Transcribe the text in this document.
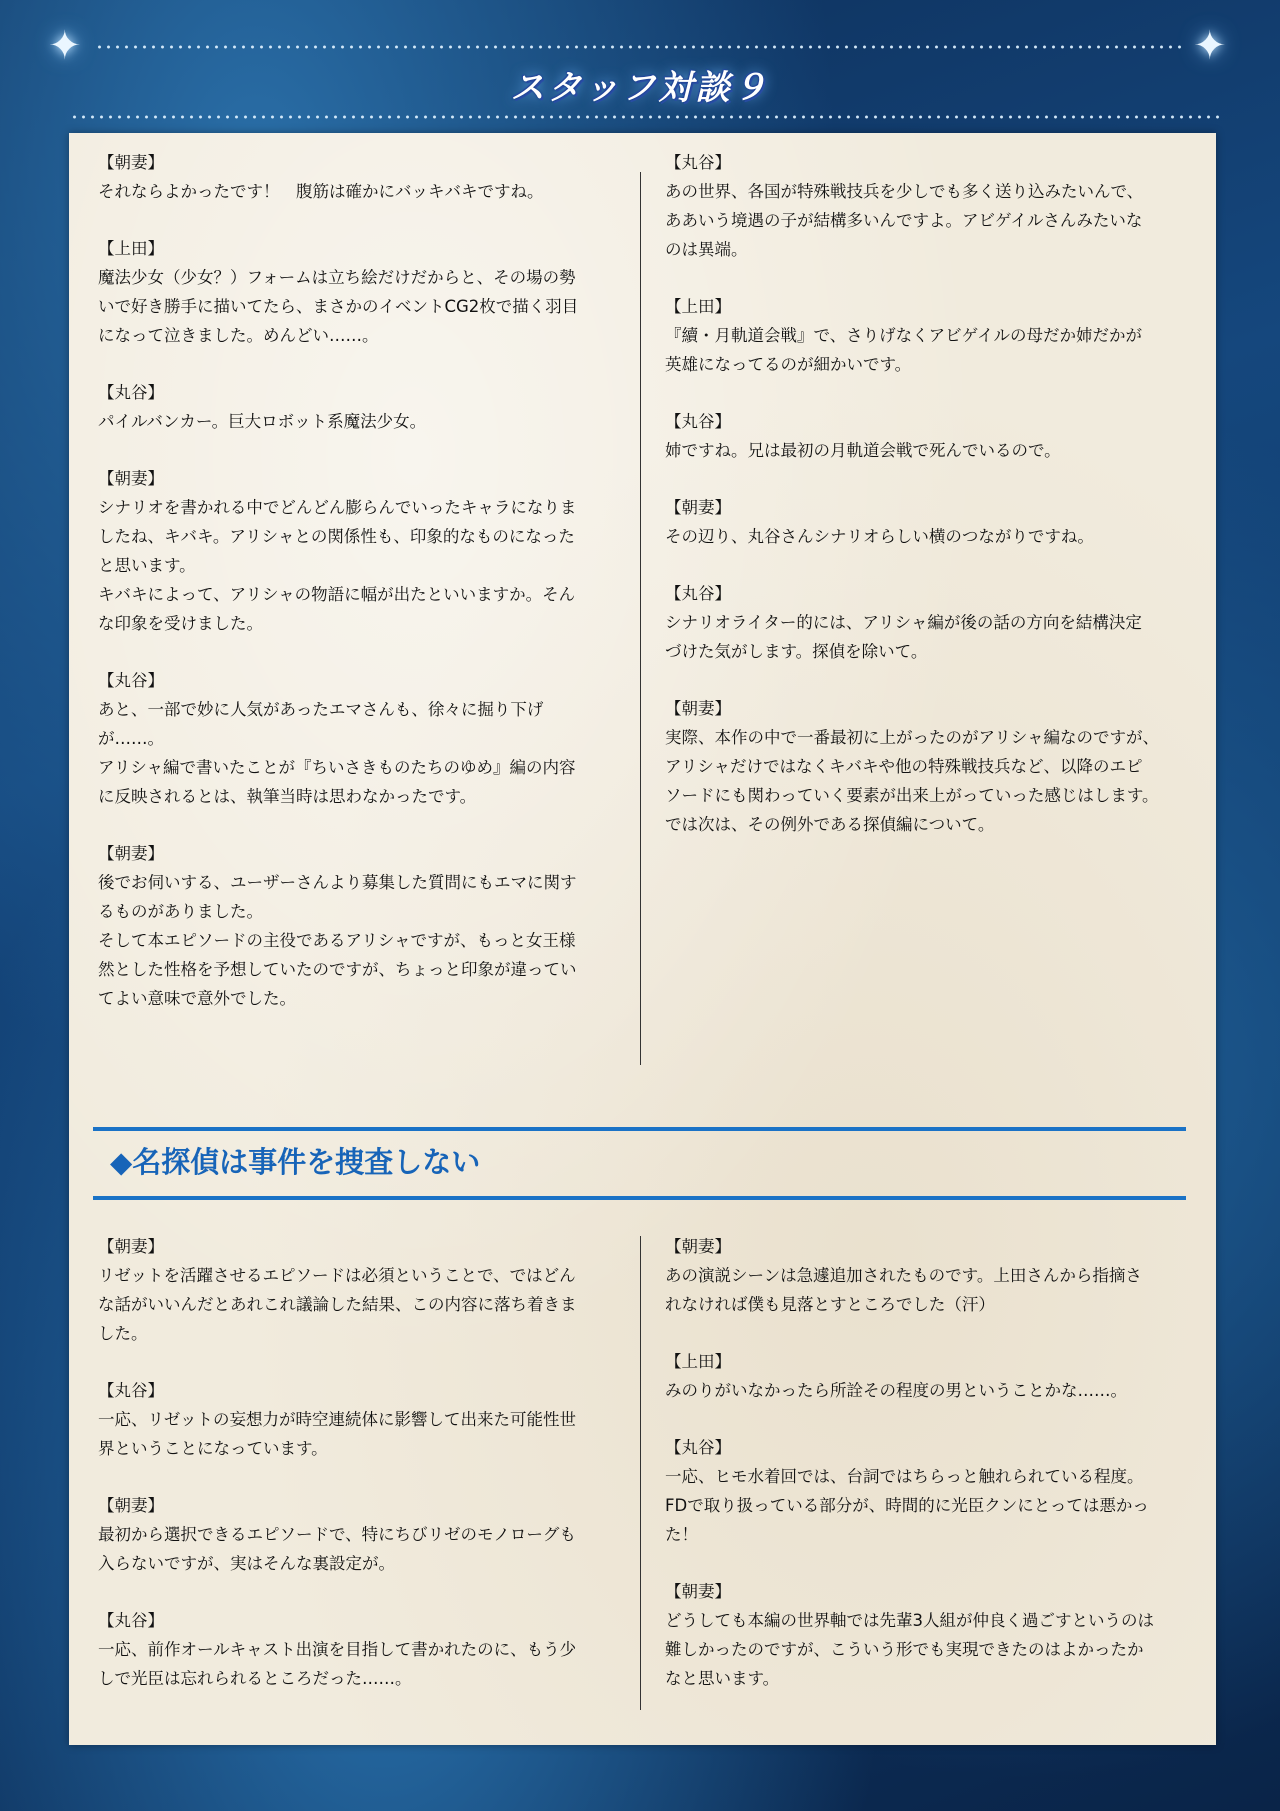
✦	✦
スタッフ対談９
【朝妻】
それならよかったです！　腹筋は確かにバッキバキですね。
【上田】
魔法少女（少女？）フォームは立ち絵だけだからと、その場の勢
いで好き勝手に描いてたら、まさかのイベントCG2枚で描く羽目
になって泣きました。めんどい……。
【丸谷】
パイルバンカー。巨大ロボット系魔法少女。
【朝妻】
シナリオを書かれる中でどんどん膨らんでいったキャラになりま
したね、キバキ。アリシャとの関係性も、印象的なものになった
と思います。
キバキによって、アリシャの物語に幅が出たといいますか。そん
な印象を受けました。
【丸谷】
あと、一部で妙に人気があったエマさんも、徐々に掘り下げ
が……。
アリシャ編で書いたことが『ちいさきものたちのゆめ』編の内容
に反映されるとは、執筆当時は思わなかったです。
【朝妻】
後でお伺いする、ユーザーさんより募集した質問にもエマに関す
るものがありました。
そして本エピソードの主役であるアリシャですが、もっと女王様
然とした性格を予想していたのですが、ちょっと印象が違ってい
てよい意味で意外でした。
【丸谷】
あの世界、各国が特殊戦技兵を少しでも多く送り込みたいんで、
ああいう境遇の子が結構多いんですよ。アビゲイルさんみたいな
のは異端。
【上田】
『續・月軌道会戦』で、さりげなくアビゲイルの母だか姉だかが
英雄になってるのが細かいです。
【丸谷】
姉ですね。兄は最初の月軌道会戦で死んでいるので。
【朝妻】
その辺り、丸谷さんシナリオらしい横のつながりですね。
【丸谷】
シナリオライター的には、アリシャ編が後の話の方向を結構決定
づけた気がします。探偵を除いて。
【朝妻】
実際、本作の中で一番最初に上がったのがアリシャ編なのですが、
アリシャだけではなくキバキや他の特殊戦技兵など、以降のエピ
ソードにも関わっていく要素が出来上がっていった感じはします。
では次は、その例外である探偵編について。
◆名探偵は事件を捜査しない
【朝妻】
リゼットを活躍させるエピソードは必須ということで、ではどん
な話がいいんだとあれこれ議論した結果、この内容に落ち着きま
した。
【丸谷】
一応、リゼットの妄想力が時空連続体に影響して出来た可能性世
界ということになっています。
【朝妻】
最初から選択できるエピソードで、特にちびリゼのモノローグも
入らないですが、実はそんな裏設定が。
【丸谷】
一応、前作オールキャスト出演を目指して書かれたのに、もう少
しで光臣は忘れられるところだった……。
【朝妻】
あの演説シーンは急遽追加されたものです。上田さんから指摘さ
れなければ僕も見落とすところでした（汗）
【上田】
みのりがいなかったら所詮その程度の男ということかな……。
【丸谷】
一応、ヒモ水着回では、台詞ではちらっと触れられている程度。
FDで取り扱っている部分が、時間的に光臣クンにとっては悪かっ
た！
【朝妻】
どうしても本編の世界軸では先輩3人組が仲良く過ごすというのは
難しかったのですが、こういう形でも実現できたのはよかったか
なと思います。
